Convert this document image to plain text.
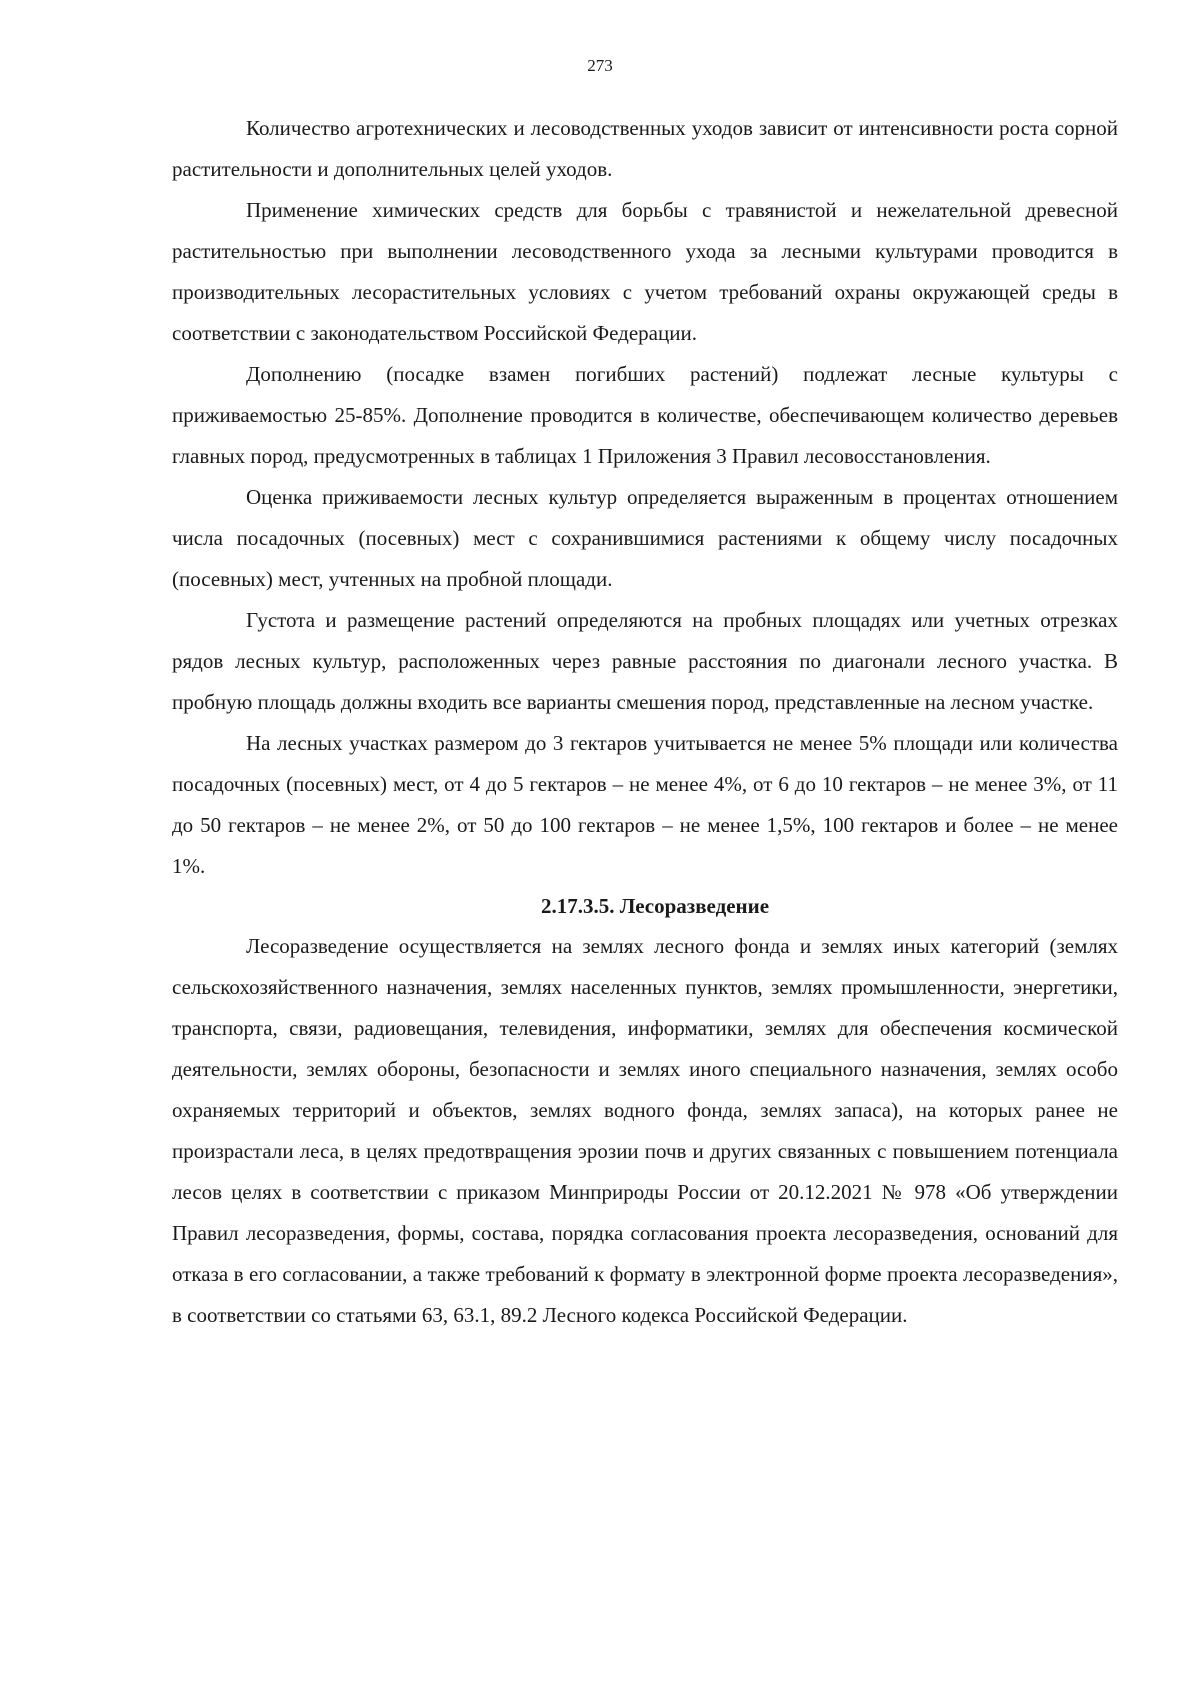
273

Количество агротехнических и лесоводственных уходов зависит от интенсивности роста сорной растительности и дополнительных целей уходов.

Применение химических средств для борьбы с травянистой и нежелательной древесной растительностью при выполнении лесоводственного ухода за лесными культурами проводится в производительных лесорастительных условиях с учетом требований охраны окружающей среды в соответствии с законодательством Российской Федерации.

Дополнению (посадке взамен погибших растений) подлежат лесные культуры с приживаемостью 25-85%. Дополнение проводится в количестве, обеспечивающем количество деревьев главных пород, предусмотренных в таблицах 1 Приложения 3 Правил лесовосстановления.

Оценка приживаемости лесных культур определяется выраженным в процентах отношением числа посадочных (посевных) мест с сохранившимися растениями к общему числу посадочных (посевных) мест, учтенных на пробной площади.

Густота и размещение растений определяются на пробных площадях или учетных отрезках рядов лесных культур, расположенных через равные расстояния по диагонали лесного участка. В пробную площадь должны входить все варианты смешения пород, представленные на лесном участке.

На лесных участках размером до 3 гектаров учитывается не менее 5% площади или количества посадочных (посевных) мест, от 4 до 5 гектаров – не менее 4%, от 6 до 10 гектаров – не менее 3%, от 11 до 50 гектаров – не менее 2%, от 50 до 100 гектаров – не менее 1,5%, 100 гектаров и более – не менее 1%.

2.17.3.5. Лесоразведение

Лесоразведение осуществляется на землях лесного фонда и землях иных категорий (землях сельскохозяйственного назначения, землях населенных пунктов, землях промышленности, энергетики, транспорта, связи, радиовещания, телевидения, информатики, землях для обеспечения космической деятельности, землях обороны, безопасности и землях иного специального назначения, землях особо охраняемых территорий и объектов, землях водного фонда, землях запаса), на которых ранее не произрастали леса, в целях предотвращения эрозии почв и других связанных с повышением потенциала лесов целях в соответствии с приказом Минприроды России от 20.12.2021 № 978 «Об утверждении Правил лесоразведения, формы, состава, порядка согласования проекта лесоразведения, оснований для отказа в его согласовании, а также требований к формату в электронной форме проекта лесоразведения», в соответствии со статьями 63, 63.1, 89.2 Лесного кодекса Российской Федерации.
